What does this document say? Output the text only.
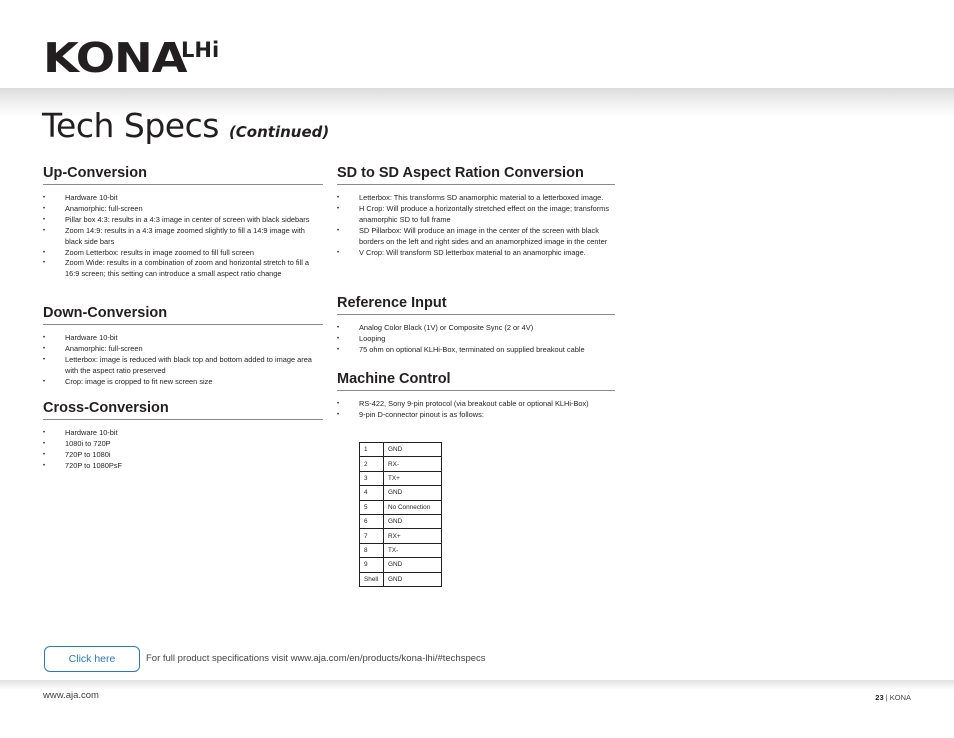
KONA
LHi
Tech Specs (Continued)
Up-Conversion
• Hardware 10-bit
• Anamorphic: full-screen
• Pillar box 4:3: results in a 4:3 image in center of screen with black sidebars
• Zoom 14:9: results in a 4:3 image zoomed slightly to fill a 14:9 image with black side bars
• Zoom Letterbox: results in image zoomed to fill full screen
• Zoom Wide: results in a combination of zoom and horizontal stretch to fill a 16:9 screen; this setting can introduce a small aspect ratio change
Down-Conversion
• Hardware 10-bit
• Anamorphic: full-screen
• Letterbox: image is reduced with black top and bottom added to image area with the aspect ratio preserved
• Crop: image is cropped to fit new screen size
Cross-Conversion
• Hardware 10-bit
• 1080i to 720P
• 720P to 1080i
• 720P to 1080PsF
SD to SD Aspect Ration Conversion
• Letterbox: This transforms SD anamorphic material to a letterboxed image.
• H Crop: Will produce a horizontally stretched effect on the image; transforms anamorphic SD to full frame
• SD Pillarbox: Will produce an image in the center of the screen with black borders on the left and right sides and an anamorphized image in the center
• V Crop: Will transform SD letterbox material to an anamorphic image.
Reference Input
• Analog Color Black (1V) or Composite Sync (2 or 4V)
• Looping
• 75 ohm on optional KLHi-Box, terminated on supplied breakout cable
Machine Control
• RS-422, Sony 9-pin protocol (via breakout cable or optional KLHi-Box)
• 9-pin D-connector pinout is as follows:
1	GND
2	RX-
3	TX+
4	GND
5	No Connection
6	GND
7	RX+
8	TX-
9	GND
Shell	GND
Click here	For full product specifications visit www.aja.com/en/products/kona-lhi/#techspecs
www.aja.com	23 | KONA
